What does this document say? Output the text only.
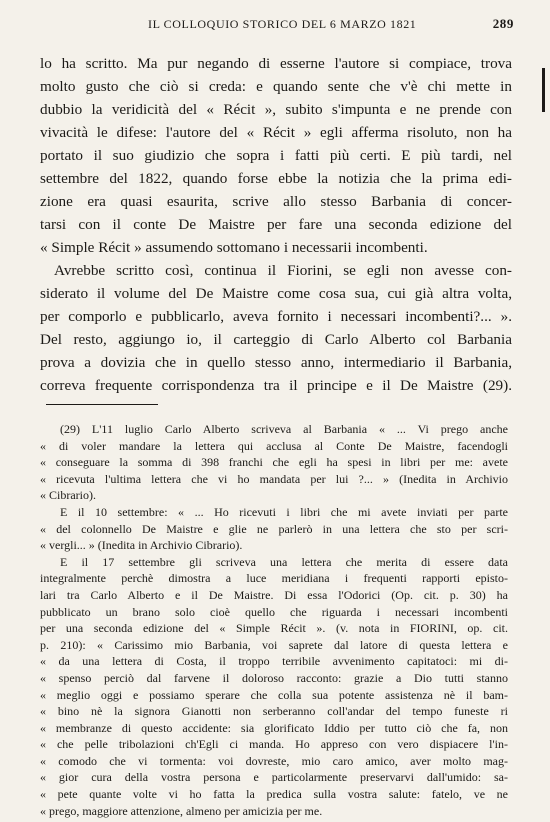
IL COLLOQUIO STORICO DEL 6 MARZO 1821	289
lo ha scritto. Ma pur negando di esserne l'autore si compiace, trova
molto gusto che ciò si creda: e quando sente che v'è chi mette in
dubbio la veridicità del « Récit », subito s'impunta e ne prende con
vivacità le difese: l'autore del « Récit » egli afferma risoluto, non ha
portato il suo giudizio che sopra i fatti più certi. E più tardi, nel
settembre del 1822, quando forse ebbe la notizia che la prima edi-
zione era quasi esaurita, scrive allo stesso Barbania di concer-
tarsi con il conte De Maistre per fare una seconda edizione del
« Simple Récit » assumendo sottomano i necessarii incombenti.
Avrebbe scritto così, continua il Fiorini, se egli non avesse con-
siderato il volume del De Maistre come cosa sua, cui già altra volta,
per comporlo e pubblicarlo, aveva fornito i necessari incombenti?... ».
Del resto, aggiungo io, il carteggio di Carlo Alberto col Barbania
prova a dovizia che in quello stesso anno, intermediario il Barbania,
correva frequente corrispondenza tra il principe e il De Maistre (29).
(29) L'11 luglio Carlo Alberto scriveva al Barbania « ... Vi prego anche
« di voler mandare la lettera qui acclusa al Conte De Maistre, facendogli
« conseguare la somma di 398 franchi che egli ha spesi in libri per me: avete
« ricevuta l'ultima lettera che vi ho mandata per lui ?... » (Inedita in Archivio
« Cibrario).
E il 10 settembre: « ... Ho ricevuti i libri che mi avete inviati per parte
« del colonnello De Maistre e glie ne parlerò in una lettera che sto per scri-
« vergli... » (Inedita in Archivio Cibrario).
E il 17 settembre gli scriveva una lettera che merita di essere data
integralmente perchè dimostra a luce meridiana i frequenti rapporti episto-
lari tra Carlo Alberto e il De Maistre. Di essa l'Odorici (Op. cit. p. 30) ha
pubblicato un brano solo cioè quello che riguarda i necessari incombenti
per una seconda edizione del « Simple Récit ». (v. nota in FIORINI, op. cit.
p. 210): « Carissimo mio Barbania, voi saprete dal latore di questa lettera e
« da una lettera di Costa, il troppo terribile avvenimento capitatoci: mi di-
« spenso perciò dal farvene il doloroso racconto: grazie a Dio tutti stanno
« meglio oggi e possiamo sperare che colla sua potente assistenza nè il bam-
« bino nè la signora Gianotti non serberanno coll'andar del tempo funeste ri
« membranze di questo accidente: sia glorificato Iddio per tutto ciò che fa, non
« che pelle tribolazioni ch'Egli ci manda. Ho appreso con vero dispiacere l'in-
« comodo che vi tormenta: voi dovreste, mio caro amico, aver molto mag-
« gior cura della vostra persona e particolarmente preservarvi dall'umido: sa-
« pete quante volte vi ho fatta la predica sulla vostra salute: fatelo, ve ne
« prego, maggiore attenzione, almeno per amicizia per me.
